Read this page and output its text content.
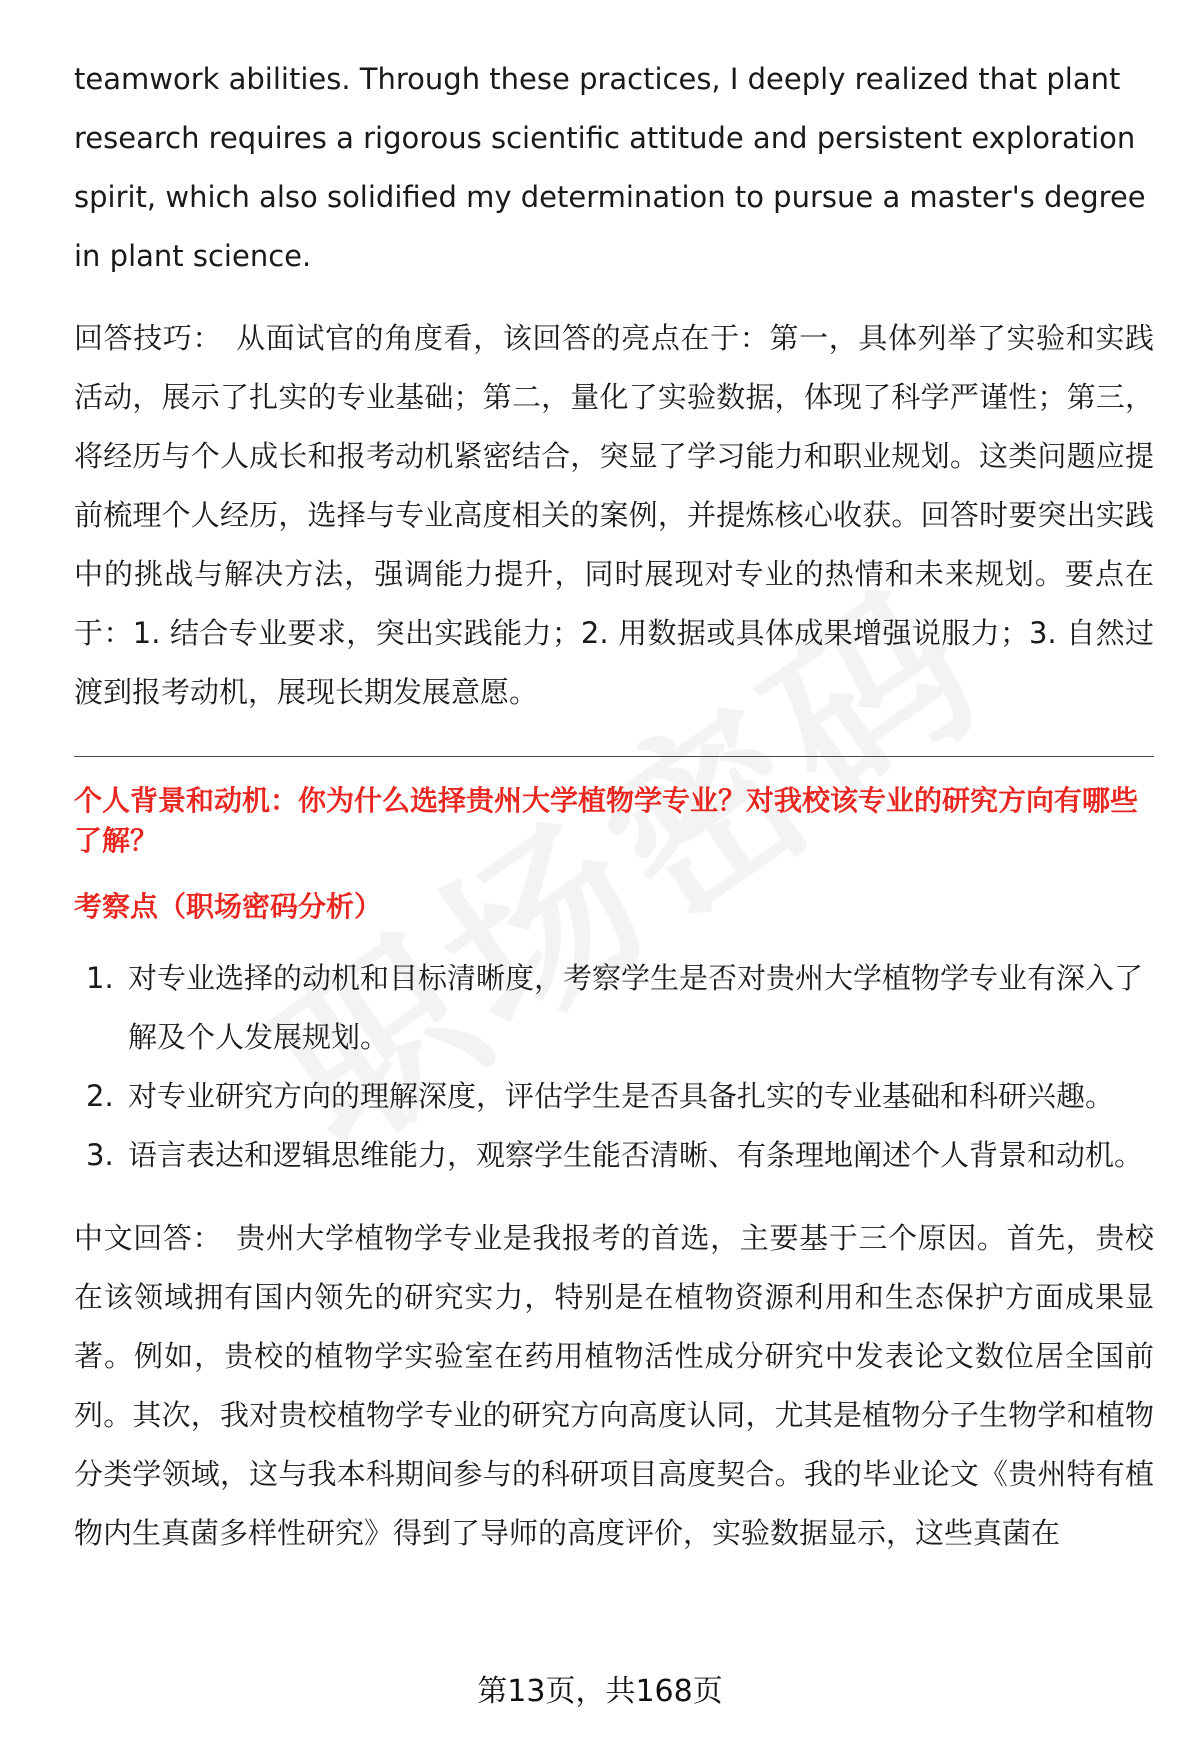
teamwork abilities. Through these practices, I deeply realized that plant research requires a rigorous scientific attitude and persistent exploration spirit, which also solidified my determination to pursue a master's degree in plant science.

回答技巧： 从面试官的角度看，该回答的亮点在于：第一，具体列举了实验和实践活动，展示了扎实的专业基础；第二，量化了实验数据，体现了科学严谨性；第三，将经历与个人成长和报考动机紧密结合，突显了学习能力和职业规划。这类问题应提前梳理个人经历，选择与专业高度相关的案例，并提炼核心收获。回答时要突出实践中的挑战与解决方法，强调能力提升，同时展现对专业的热情和未来规划。要点在于：1. 结合专业要求，突出实践能力；2. 用数据或具体成果增强说服力；3. 自然过渡到报考动机，展现长期发展意愿。

个人背景和动机：你为什么选择贵州大学植物学专业？对我校该专业的研究方向有哪些了解？

考察点（职场密码分析）

1. 对专业选择的动机和目标清晰度，考察学生是否对贵州大学植物学专业有深入了解及个人发展规划。
2. 对专业研究方向的理解深度，评估学生是否具备扎实的专业基础和科研兴趣。
3. 语言表达和逻辑思维能力，观察学生能否清晰、有条理地阐述个人背景和动机。

中文回答： 贵州大学植物学专业是我报考的首选，主要基于三个原因。首先，贵校在该领域拥有国内领先的研究实力，特别是在植物资源利用和生态保护方面成果显著。例如，贵校的植物学实验室在药用植物活性成分研究中发表论文数位居全国前列。其次，我对贵校植物学专业的研究方向高度认同，尤其是植物分子生物学和植物分类学领域，这与我本科期间参与的科研项目高度契合。我的毕业论文《贵州特有植物内生真菌多样性研究》得到了导师的高度评价，实验数据显示，这些真菌在

第13页，共168页
